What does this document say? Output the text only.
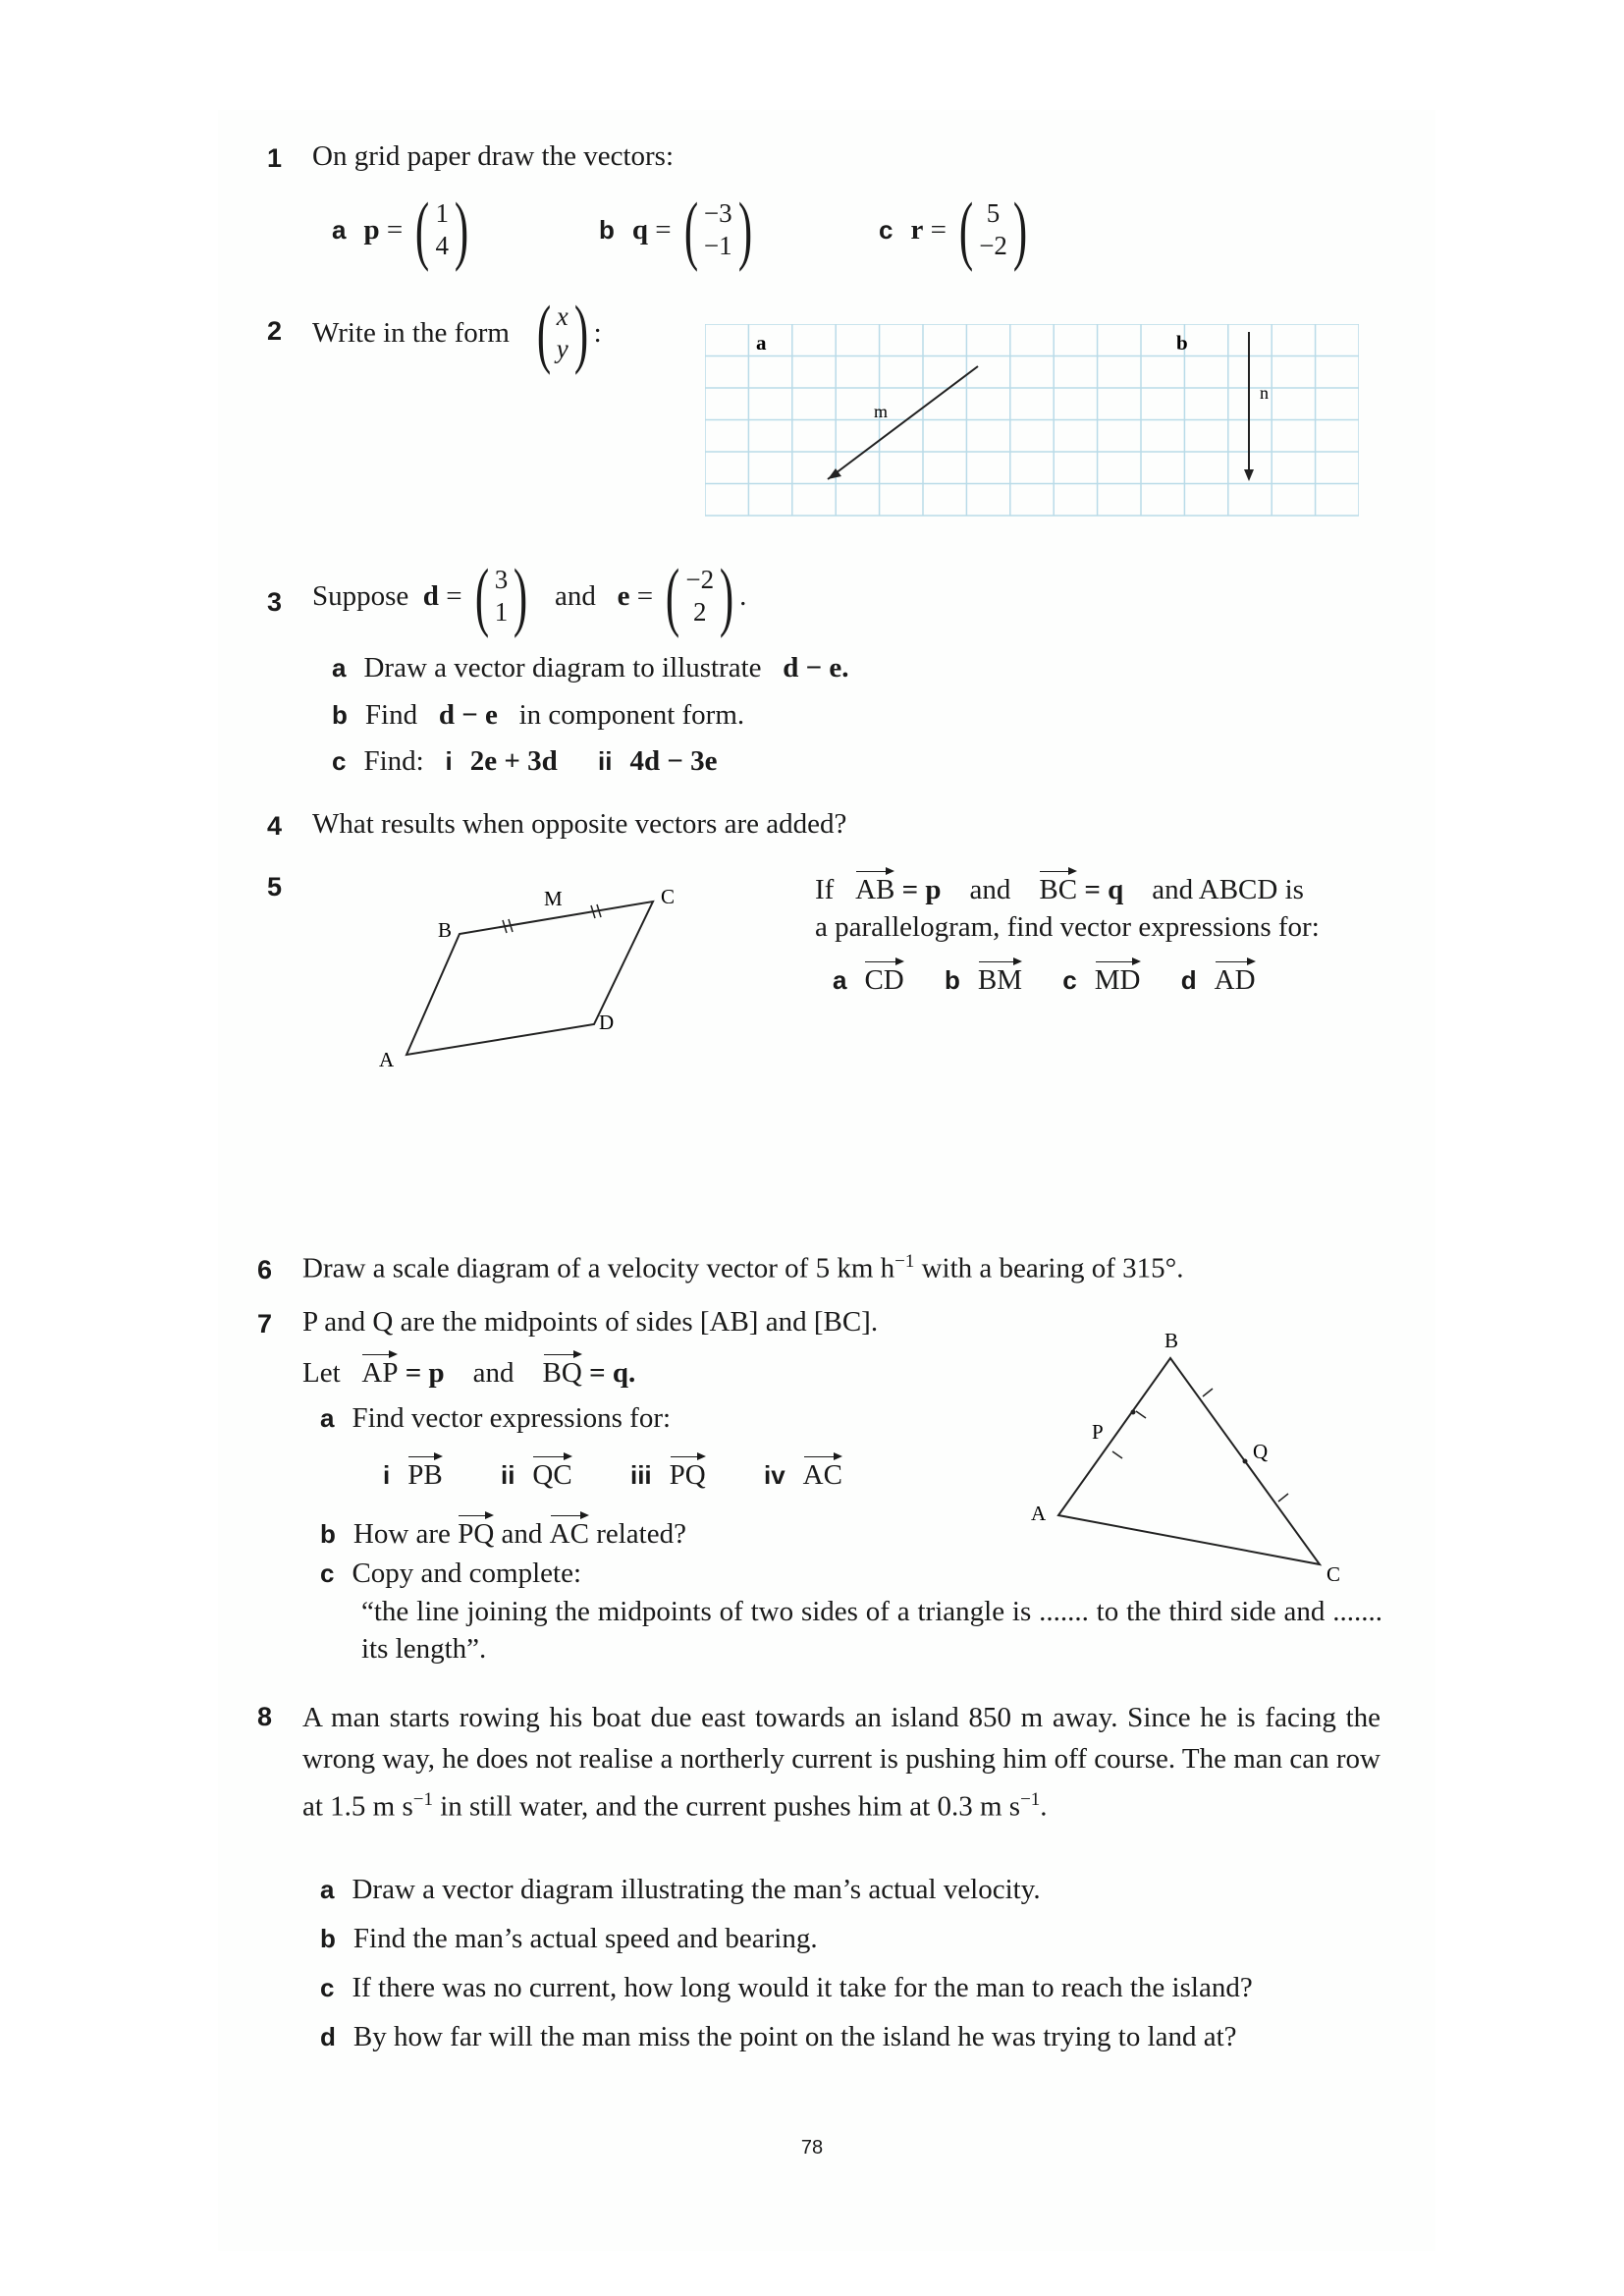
1 On grid paper draw the vectors:
a p = ( 1
4 )	b q = ( −3
−1 )	c r = ( 5
−2 )
2 Write in the form
( x
y ) :	a	b
m
n
3 Suppose
d = ( 3
1 )
and
e = ( −2
2 ) .
a Draw a vector diagram to illustrate d − e.
b Find d − e in component form.
c Find: i 2e + 3d ii 4d − 3e
4 What results when opposite vectors are added?
5	M
B
C
D
A
If AB = p and BC = q and ABCD is
a parallelogram, find vector expressions for:
a CD b BM c MD d AD
6 Draw a scale diagram of a velocity vector of 5 km $h^{-1}$ with a bearing of 315°.
7 P and Q are the midpoints of sides [AB] and [BC].
Let AP = p and BQ = q.
a Find vector expressions for:
i PB ii QC iii PQ iv AC
b How are PQ and AC related?
c Copy and complete:
“the line joining the midpoints of two sides of a triangle is ....... to the third side and ....... its length”.
B
P
Q
A
C
8 A man starts rowing his boat due east towards an island 850 m away. Since he is facing the wrong way, he does not realise a northerly current is pushing him off course. The man can row at 1.5 m $s^{-1}$ in still water, and the current pushes him at 0.3 m $s^{-1}$.
a Draw a vector diagram illustrating the man’s actual velocity.
b Find the man’s actual speed and bearing.
c If there was no current, how long would it take for the man to reach the island?
d By how far will the man miss the point on the island he was trying to land at?
78
